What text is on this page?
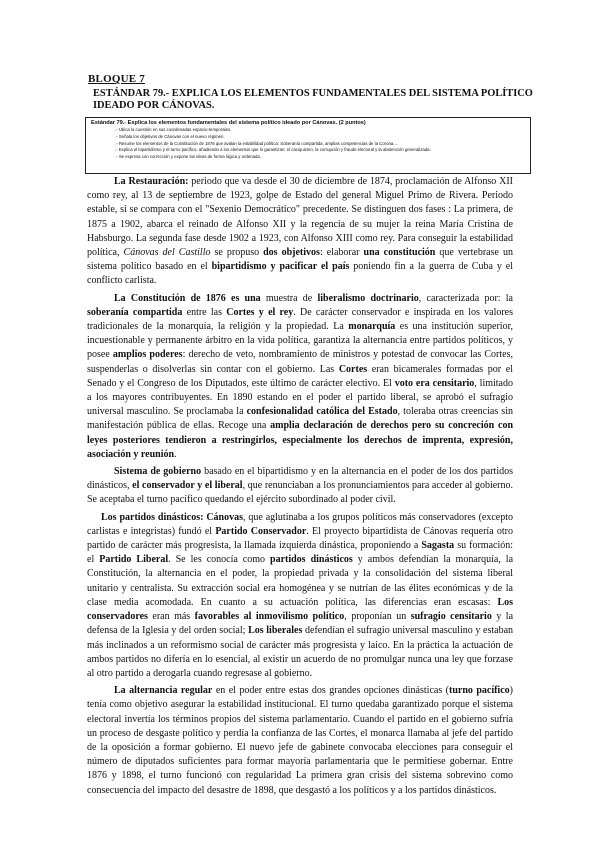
BLOQUE 7
ESTÁNDAR 79.- EXPLICA LOS ELEMENTOS FUNDAMENTALES DEL SISTEMA POLÍTICO IDEADO POR CÁNOVAS.
Estándar 79.- Explica los elementos fundamentales del sistema político ideado por Cánovas. (2 puntos)
.- Ubica la cuestión en sus coordenadas espacio-temporales.
.- Señala los objetivos de Cánovas con el nuevo régimen.
.- Resume los elementos de la Constitución de 1876 que avalan la estabilidad política: Soberanía compartida, amplias competencias de la Corona....
.- Explica el bipartidismo y el turno pacífico, añadiendo a los elementos que lo garantizan: el caciquismo, la corrupción y fraude electoral y la abstención generalizada.
.- Se expresa con corrección y expone las ideas de forma lógica y ordenada.

La Restauración: periodo que va desde el 30 de diciembre de 1874, proclamación de Alfonso XII como rey, al 13 de septiembre de 1923, golpe de Estado del general Miguel Primo de Rivera. Periodo estable, si se compara con el "Sexenio Democrático" precedente. Se distinguen dos fases : La primera, de 1875 a 1902, abarca el reinado de Alfonso XII y la regencia de su mujer la reina María Cristina de Habsburgo. La segunda fase desde 1902 a 1923, con Alfonso XIII como rey. Para conseguir la estabilidad política, Cánovas del Castillo se propuso dos objetivos: elaborar una constitución que vertebrase un sistema político basado en el bipartidismo y pacificar el país poniendo fin a la guerra de Cuba y el conflicto carlista.

La Constitución de 1876 es una muestra de liberalismo doctrinario, caracterizada por: la soberanía compartida entre las Cortes y el rey. De carácter conservador e inspirada en los valores tradicionales de la monarquía, la religión y la propiedad. La monarquía es una institución superior, incuestionable y permanente árbitro en la vida política, garantiza la alternancia entre partidos políticos, y posee amplios poderes: derecho de veto, nombramiento de ministros y potestad de convocar las Cortes, suspenderlas o disolverlas sin contar con el gobierno. Las Cortes eran bicamerales formadas por el Senado y el Congreso de los Diputados, este último de carácter electivo. El voto era censitario, limitado a los mayores contribuyentes. En 1890 estando en el poder el partido liberal, se aprobó el sufragio universal masculino. Se proclamaba la confesionalidad católica del Estado, toleraba otras creencias sin manifestación pública de ellas. Recoge una amplia declaración de derechos pero su concreción con leyes posteriores tendieron a restringirlos, especialmente los derechos de imprenta, expresión, asociación y reunión.

Sistema de gobierno basado en el bipartidismo y en la alternancia en el poder de los dos partidos dinásticos, el conservador y el liberal, que renunciaban a los pronunciamientos para acceder al gobierno. Se aceptaba el turno pacífico quedando el ejército subordinado al poder civil.

Los partidos dinásticos: Cánovas, que aglutinaba a los grupos políticos más conservadores (excepto carlistas e integristas) fundó el Partido Conservador. El proyecto bipartidista de Cánovas requería otro partido de carácter más progresista, la llamada izquierda dinástica, proponiendo a Sagasta su formación: el Partido Liberal. Se les conocía como partidos dinásticos y ambos defendían la monarquía, la Constitución, la alternancia en el poder, la propiedad privada y la consolidación del sistema liberal unitario y centralista. Su extracción social era homogénea y se nutrían de las élites económicas y de la clase media acomodada. En cuanto a su actuación política, las diferencias eran escasas: Los conservadores eran más favorables al inmovilismo político, proponían un sufragio censitario y la defensa de la Iglesia y del orden social; Los liberales defendían el sufragio universal masculino y estaban más inclinados a un reformismo social de carácter más progresista y laico. En la práctica la actuación de ambos partidos no difería en lo esencial, al existir un acuerdo de no promulgar nunca una ley que forzase al otro partido a derogarla cuando regresase al gobierno.

La alternancia regular en el poder entre estas dos grandes opciones dinásticas (turno pacífico) tenía como objetivo asegurar la estabilidad institucional. El turno quedaba garantizado porque el sistema electoral invertía los términos propios del sistema parlamentario. Cuando el partido en el gobierno sufría un proceso de desgaste político y perdía la confianza de las Cortes, el monarca llamaba al jefe del partido de la oposición a formar gobierno. El nuevo jefe de gabinete convocaba elecciones para conseguir el número de diputados suficientes para formar mayoría parlamentaria que le permitiese gobernar. Entre 1876 y 1898, el turno funcionó con regularidad La primera gran crisis del sistema sobrevino como consecuencia del impacto del desastre de 1898, que desgastó a los políticos y a los partidos dinásticos.
